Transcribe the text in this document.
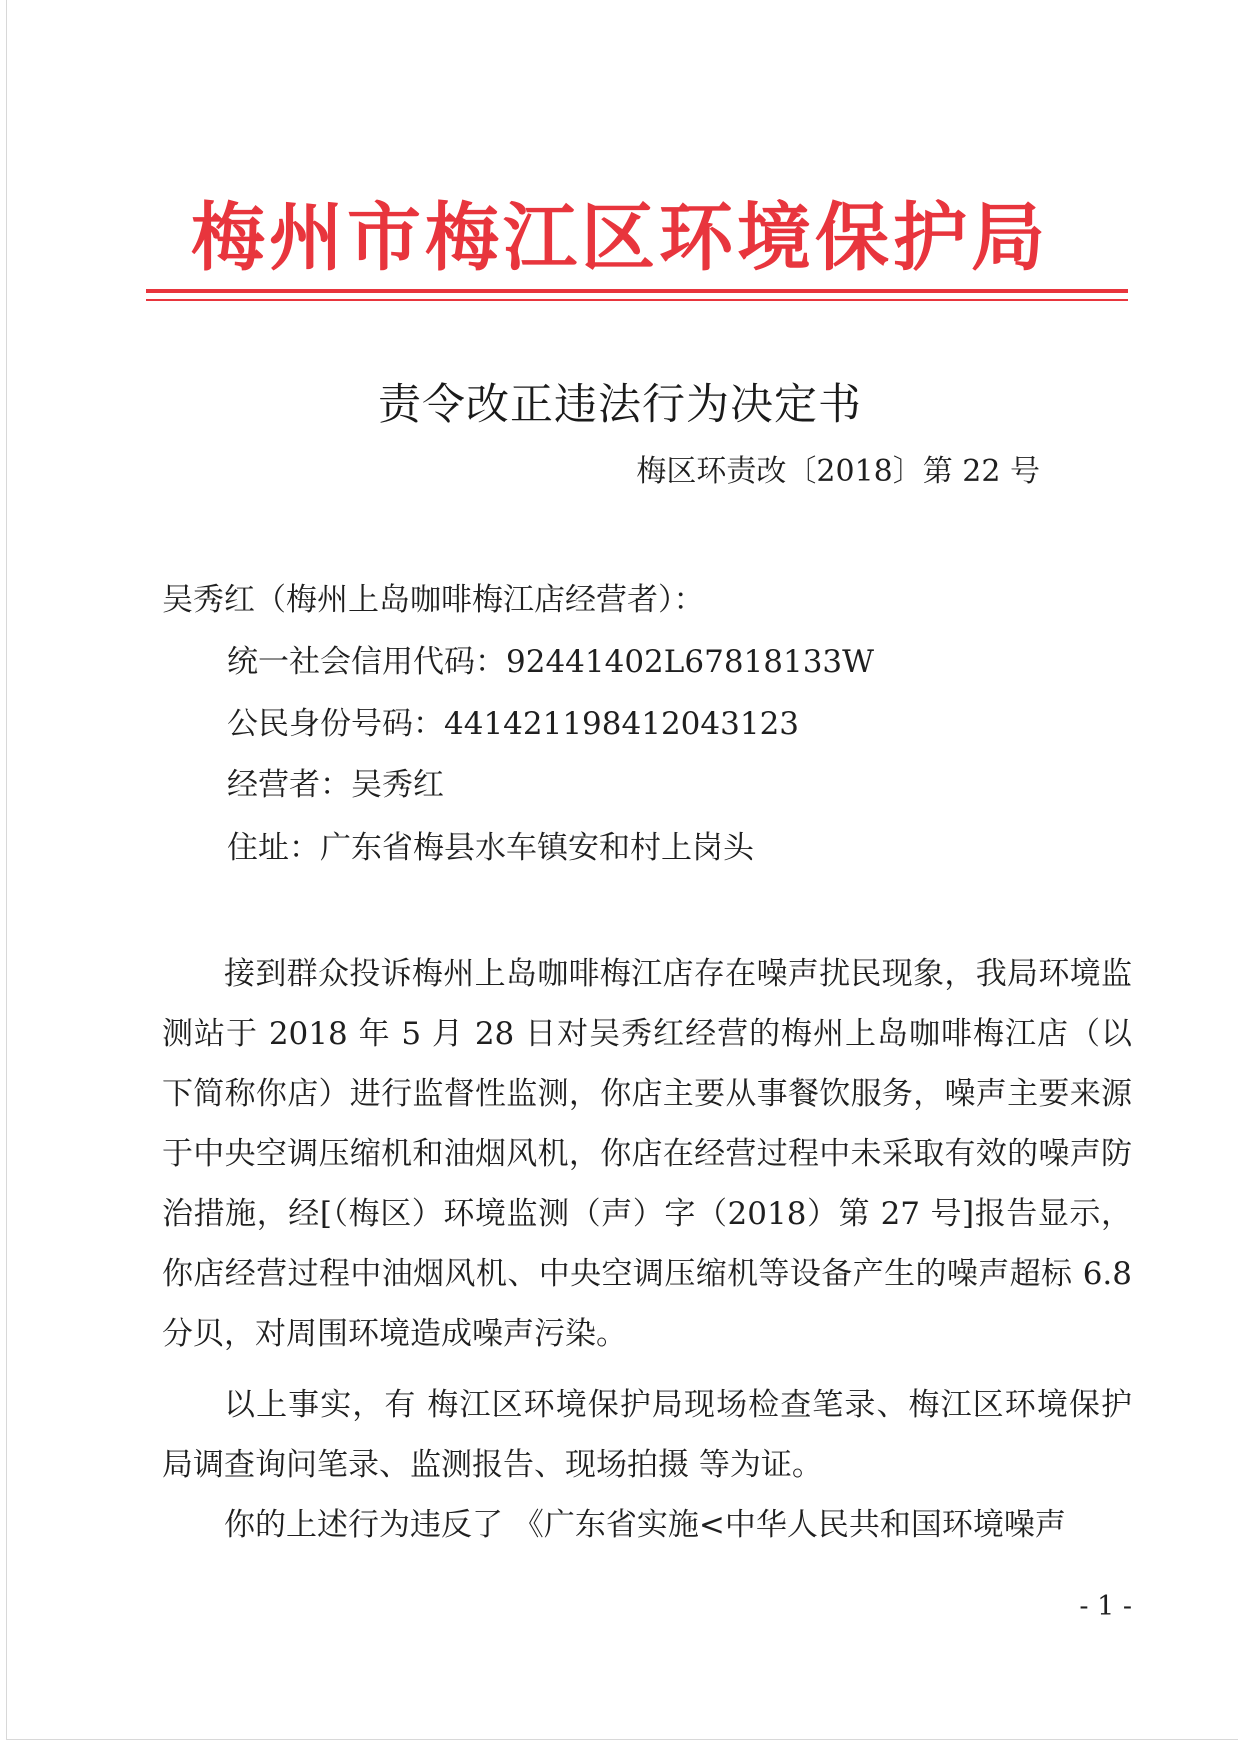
梅州市梅江区环境保护局
责令改正违法行为决定书
梅区环责改〔2018〕第 22 号
吴秀红（梅州上岛咖啡梅江店经营者）：
统一社会信用代码：92441402L67818133W
公民身份号码：441421198412043123
经营者：吴秀红
住址：广东省梅县水车镇安和村上岗头

接到群众投诉梅州上岛咖啡梅江店存在噪声扰民现象，我局环境监测站于 2018 年 5 月 28 日对吴秀红经营的梅州上岛咖啡梅江店（以下简称你店）进行监督性监测，你店主要从事餐饮服务，噪声主要来源于中央空调压缩机和油烟风机，你店在经营过程中未采取有效的噪声防治措施，经[（梅区）环境监测（声）字（2018）第 27 号]报告显示，你店经营过程中油烟风机、中央空调压缩机等设备产生的噪声超标 6.8 分贝，对周围环境造成噪声污染。

以上事实，有 梅江区环境保护局现场检查笔录、梅江区环境保护局调查询问笔录、监测报告、现场拍摄 等为证。

你的上述行为违反了 《广东省实施<中华人民共和国环境噪声

- 1 -
